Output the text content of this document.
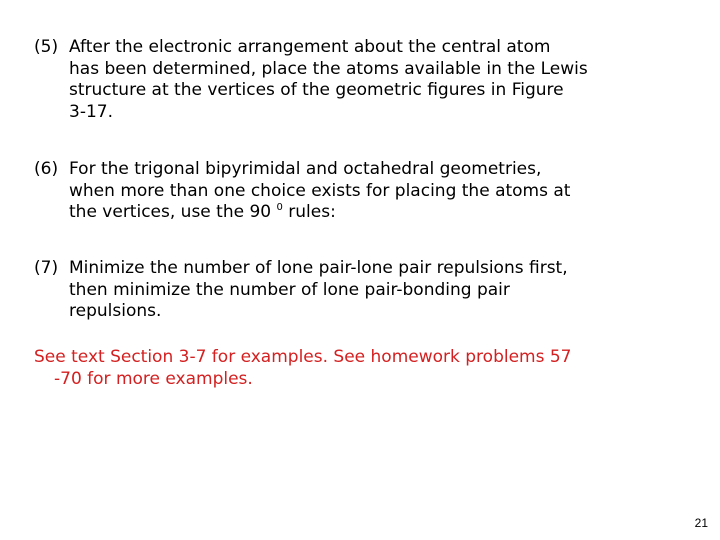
(5) After the electronic arrangement about the central atom
has been determined, place the atoms available in the Lewis
structure at the vertices of the geometric figures in Figure
3-17.
(6) For the trigonal bipyrimidal and octahedral geometries,
when more than one choice exists for placing the atoms at
the vertices, use the 90 $^0$ rules:
(7) Minimize the number of lone pair-lone pair repulsions first,
then minimize the number of lone pair-bonding pair
repulsions.
See text Section 3-7 for examples. See homework problems 57
-70 for more examples.
21
